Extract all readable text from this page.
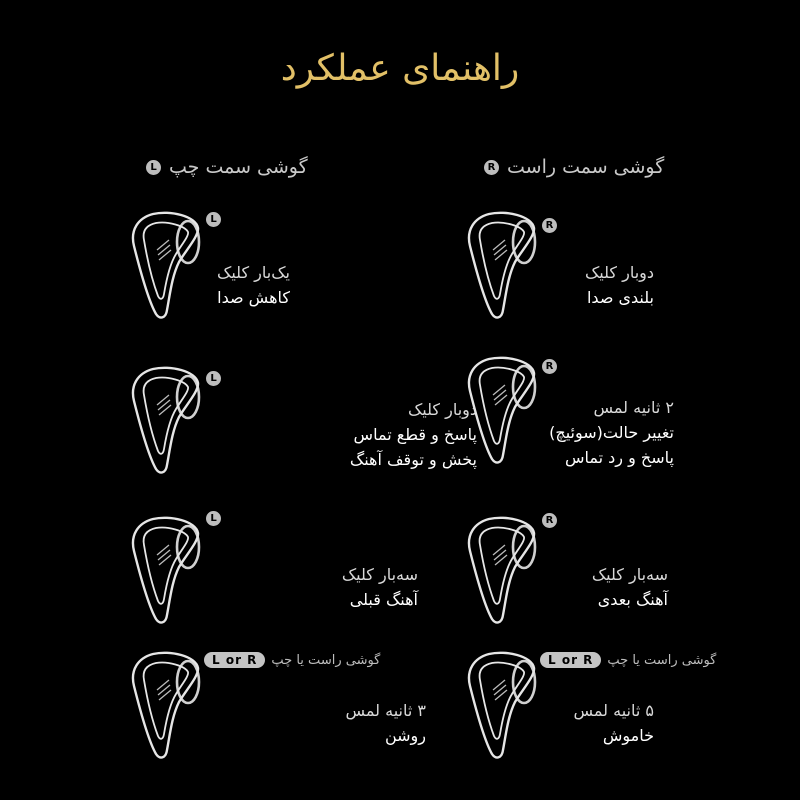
راهنمای عملکرد
گوشی سمت چپ
L	گوشی سمت راست
R
L
یک‌بار کلیک
کاهش صدا
L
دوبار کلیک
پاسخ و قطع تماس
پخش و توقف آهنگ
L
سه‌بار کلیک
آهنگ قبلی
گوشی راست یا چپ
L or R
۳ ثانیه لمس
روشن
R
دوبار کلیک
بلندی صدا
R
۲ ثانیه لمس
تغییر حالت(سوئیچ)
پاسخ و رد تماس
R
سه‌بار کلیک
آهنگ بعدی
گوشی راست یا چپ
L or R
۵ ثانیه لمس
خاموش
